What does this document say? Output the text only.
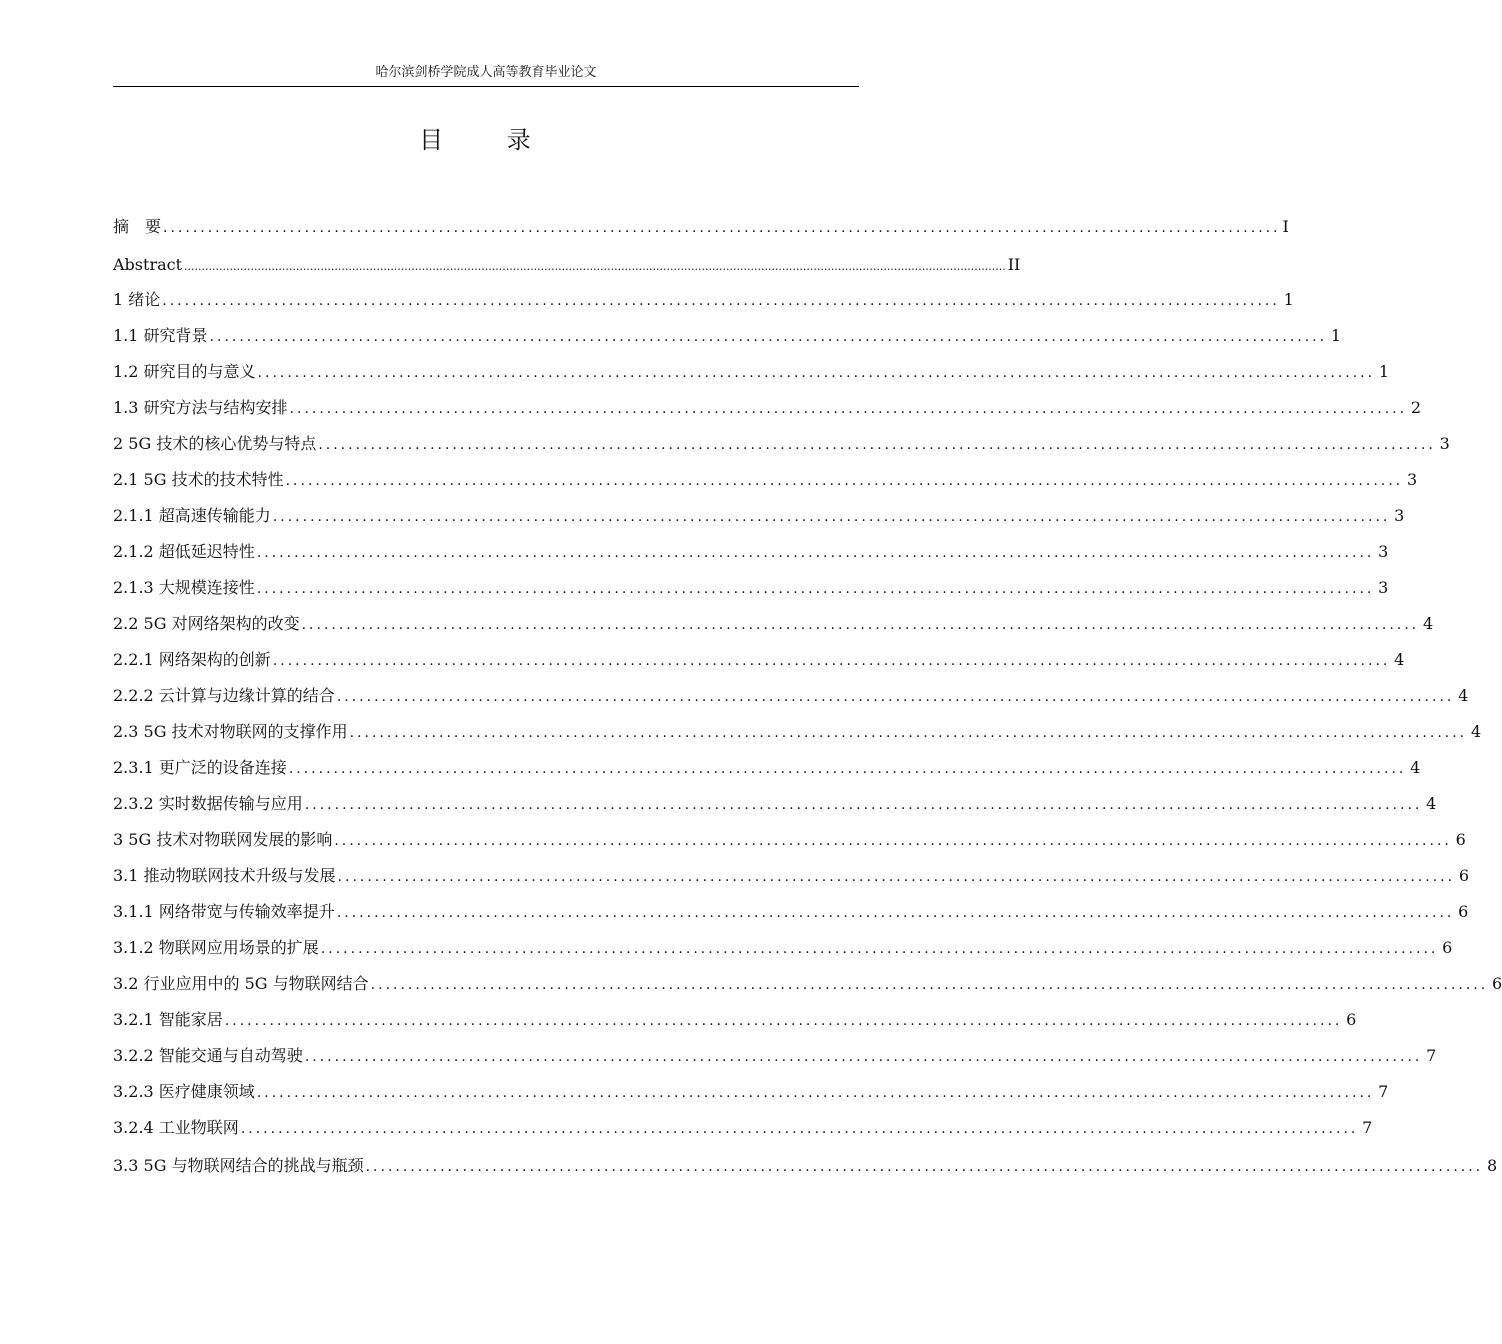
哈尔滨剑桥学院成人高等教育毕业论文
目 录
摘　要 ...................................................................................................................................................... I
Abstract ........................................................................................................................................................................................................................................... II
1 绪论 ...................................................................................................................................................... 1
1.1 研究背景 ...................................................................................................................................................... 1
1.2 研究目的与意义 ...................................................................................................................................................... 1
1.3 研究方法与结构安排 ...................................................................................................................................................... 2
2 5G 技术的核心优势与特点 ...................................................................................................................................................... 3
2.1 5G 技术的技术特性 ...................................................................................................................................................... 3
2.1.1 超高速传输能力 ...................................................................................................................................................... 3
2.1.2 超低延迟特性 ...................................................................................................................................................... 3
2.1.3 大规模连接性 ...................................................................................................................................................... 3
2.2 5G 对网络架构的改变 ...................................................................................................................................................... 4
2.2.1 网络架构的创新 ...................................................................................................................................................... 4
2.2.2 云计算与边缘计算的结合 ...................................................................................................................................................... 4
2.3 5G 技术对物联网的支撑作用 ...................................................................................................................................................... 4
2.3.1 更广泛的设备连接 ...................................................................................................................................................... 4
2.3.2 实时数据传输与应用 ...................................................................................................................................................... 4
3 5G 技术对物联网发展的影响 ...................................................................................................................................................... 6
3.1 推动物联网技术升级与发展 ...................................................................................................................................................... 6
3.1.1 网络带宽与传输效率提升 ...................................................................................................................................................... 6
3.1.2 物联网应用场景的扩展 ...................................................................................................................................................... 6
3.2 行业应用中的 5G 与物联网结合 ...................................................................................................................................................... 6
3.2.1 智能家居 ...................................................................................................................................................... 6
3.2.2 智能交通与自动驾驶 ...................................................................................................................................................... 7
3.2.3 医疗健康领域 ...................................................................................................................................................... 7
3.2.4 工业物联网 ...................................................................................................................................................... 7
3.3 5G 与物联网结合的挑战与瓶颈 ...................................................................................................................................................... 8
